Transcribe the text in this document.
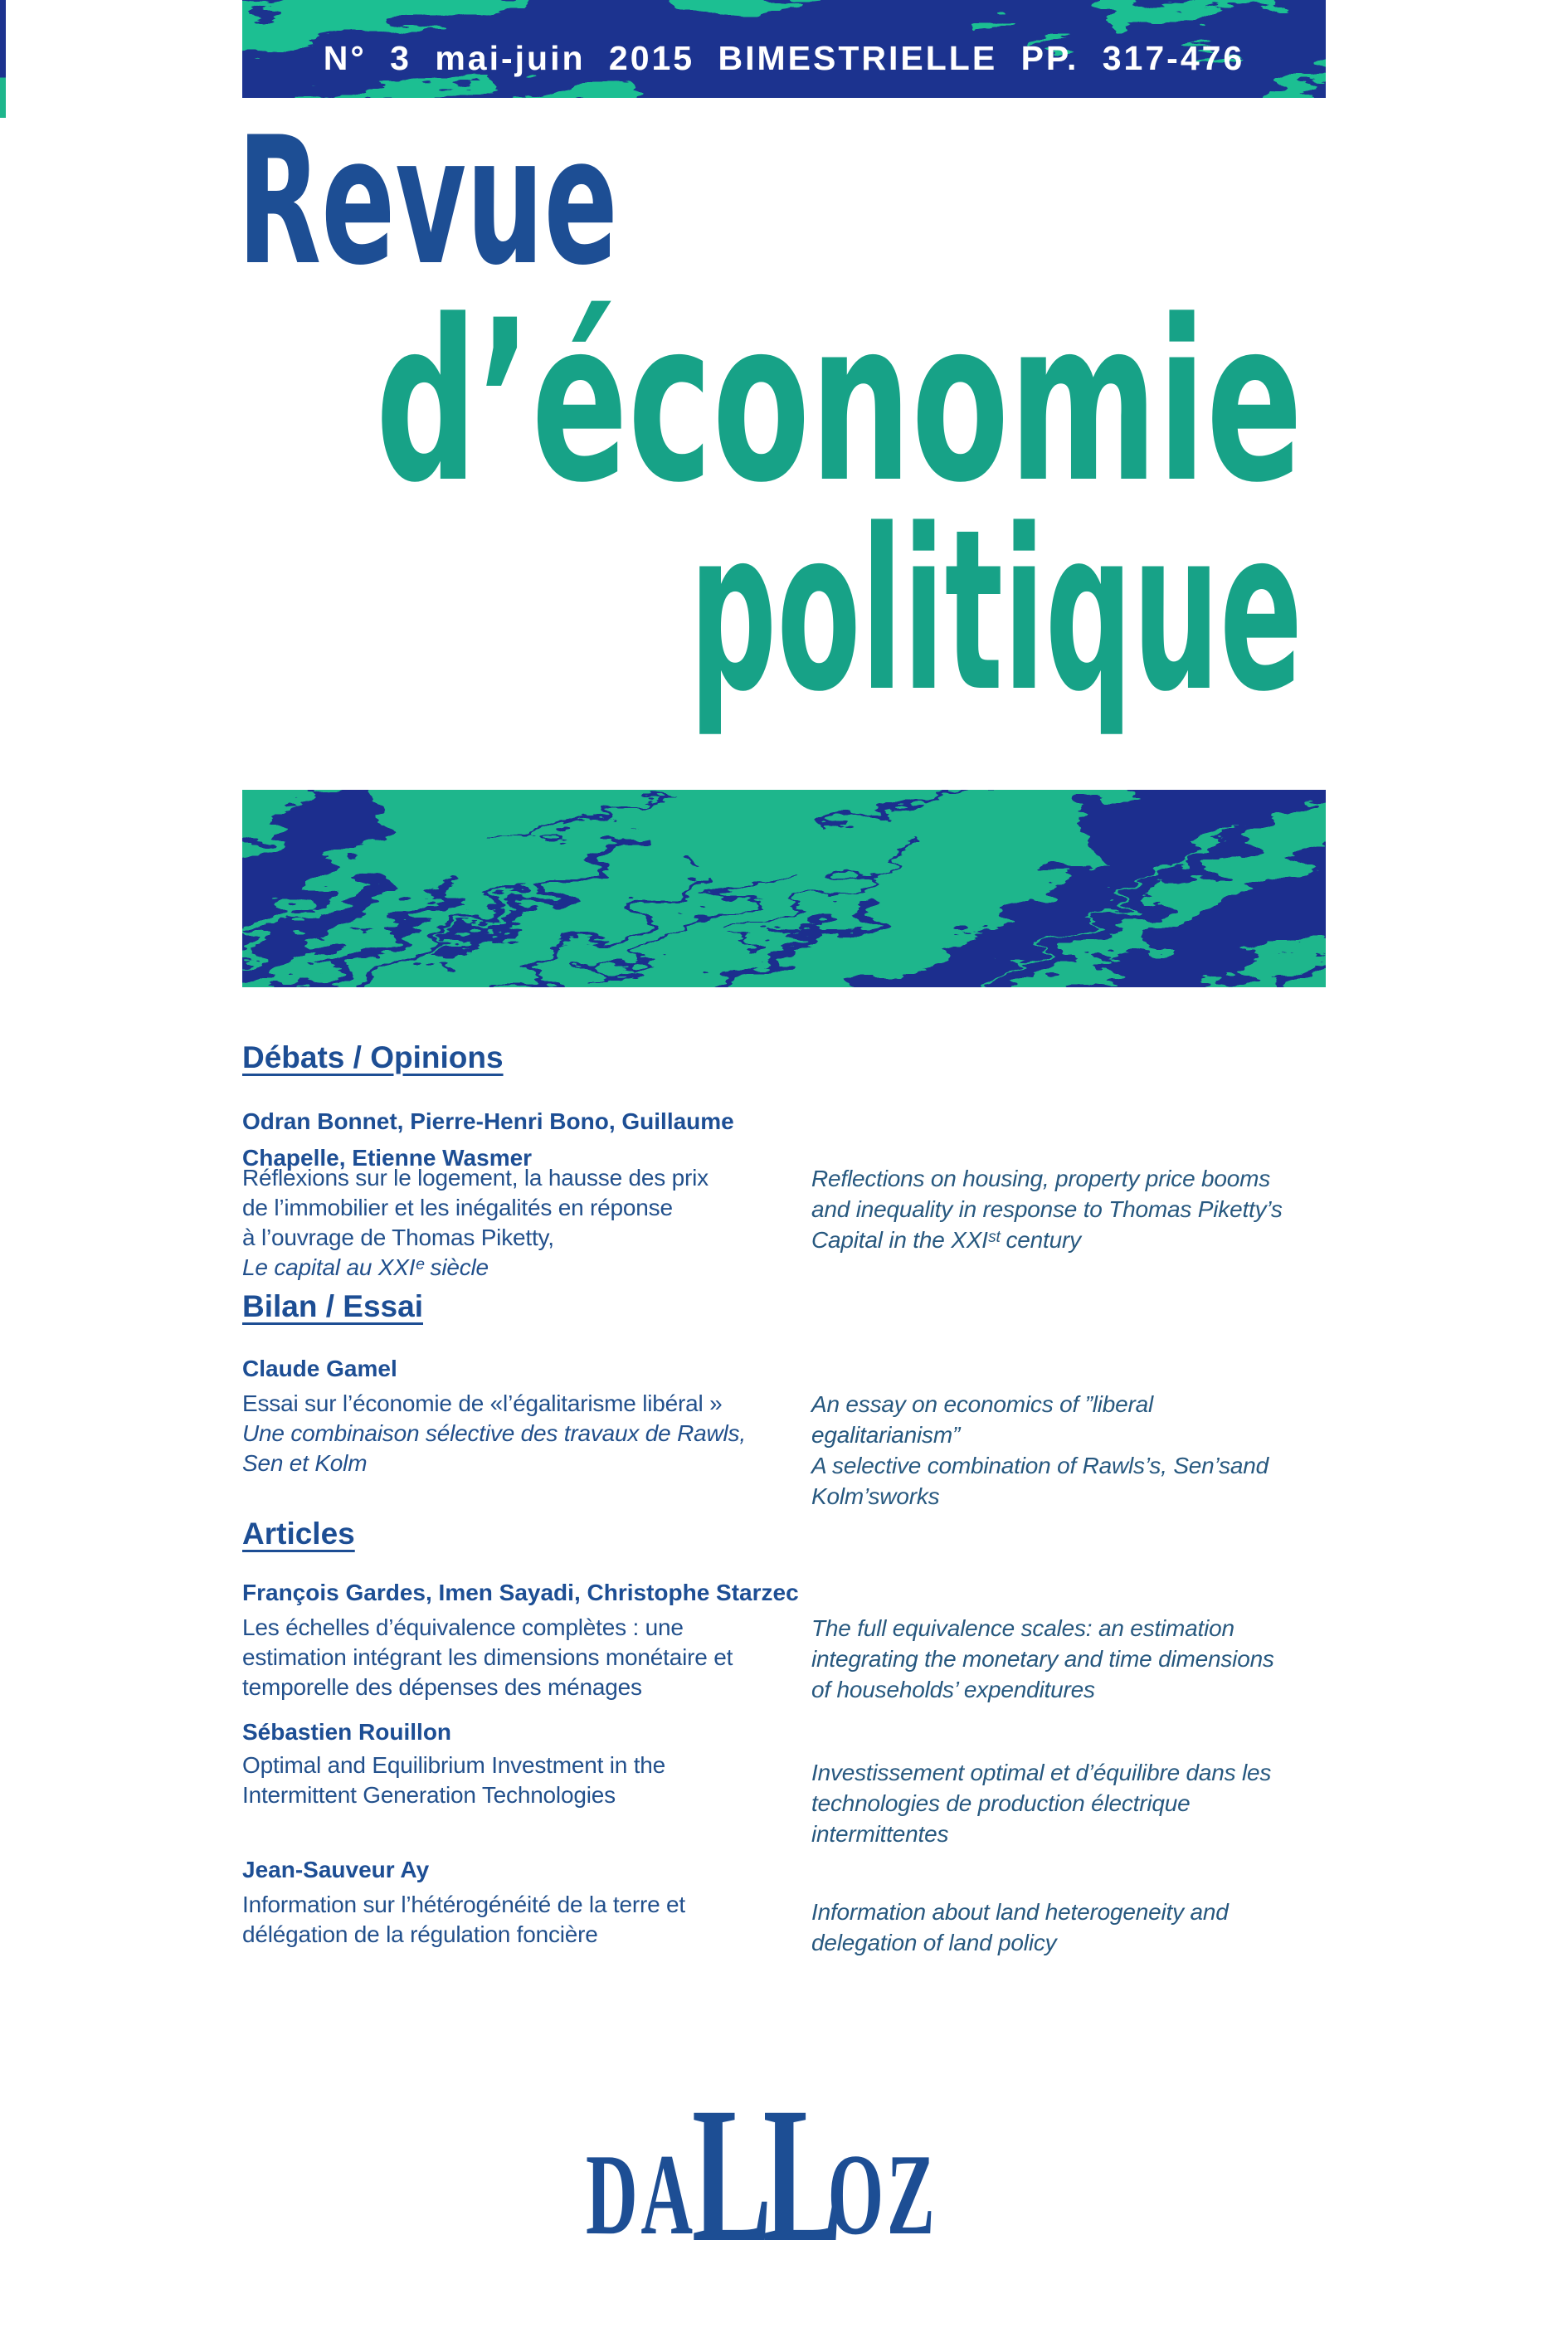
N° 3 mai-juin 2015 BIMESTRIELLE PP. 317-476
Revue
d’économie
politique
Débats / Opinions
Bilan / Essai
Articles
Odran Bonnet, Pierre-Henri Bono, Guillaume
Chapelle, Etienne Wasmer
Réflexions sur le logement, la hausse des prix
de l’immobilier et les inégalités en réponse
à l’ouvrage de Thomas Piketty,
Le capital au XXIᵉ siècle
Reflections on housing, property price booms
and inequality in response to Thomas Piketty’s
Capital in the XXIˢᵗ century
Claude Gamel
Essai sur l’économie de «l’égalitarisme libéral »
Une combinaison sélective des travaux de Rawls,
Sen et Kolm
An essay on economics of ”liberal
egalitarianism”
A selective combination of Rawls’s, Sen’sand
Kolm’sworks
François Gardes, Imen Sayadi, Christophe Starzec
Les échelles d’équivalence complètes : une
estimation intégrant les dimensions monétaire et
temporelle des dépenses des ménages
The full equivalence scales: an estimation
integrating the monetary and time dimensions
of households’ expenditures
Sébastien Rouillon
Optimal and Equilibrium Investment in the
Intermittent Generation Technologies
Investissement optimal et d’équilibre dans les
technologies de production électrique
intermittentes
Jean-Sauveur Ay
Information sur l’hétérogénéité de la terre et
délégation de la régulation foncière
Information about land heterogeneity and
delegation of land policy
DA
LL
OZ
